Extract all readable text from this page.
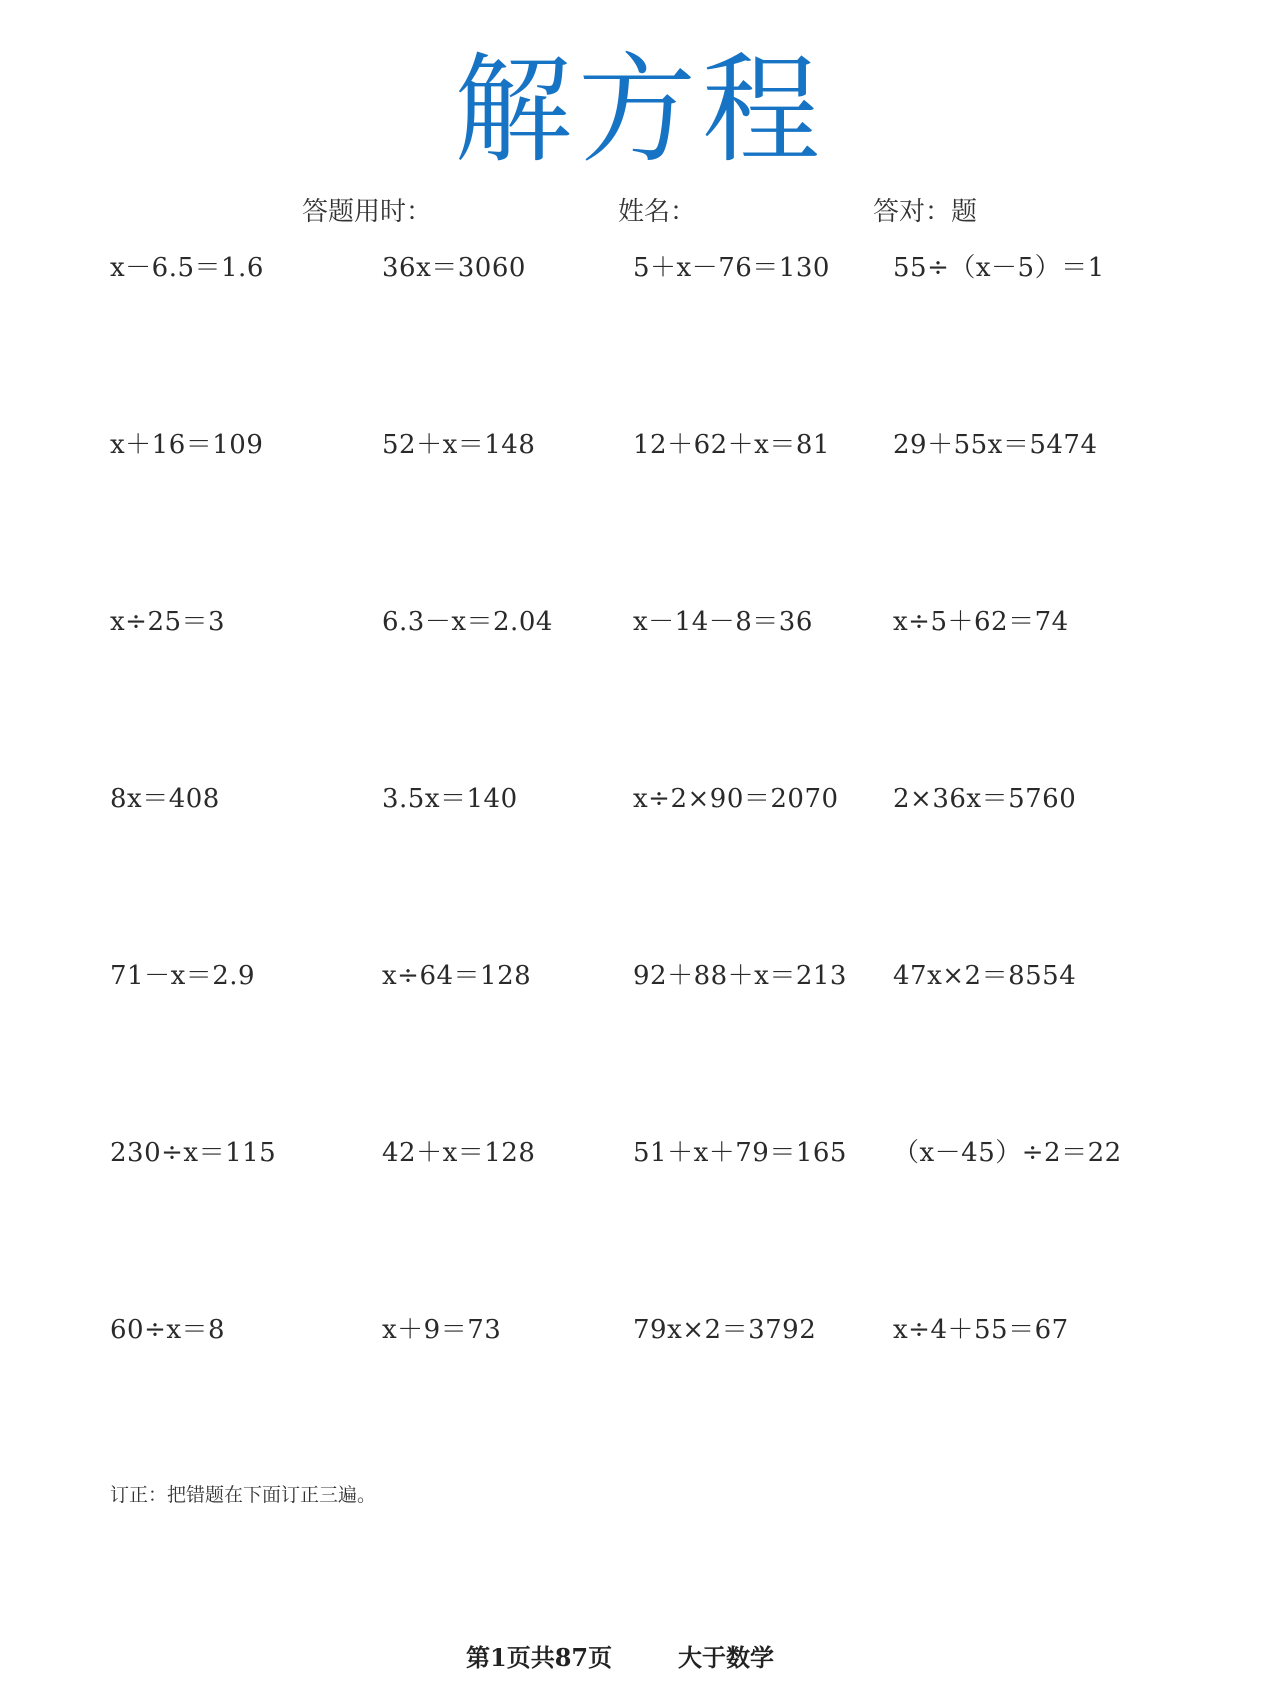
解方程
答题用时：	姓名：	答对：题
x－6.5＝1.6	36x＝3060	5＋x－76＝130 55÷（x－5）＝1
x＋16＝109	52＋x＝148	12＋62＋x＝81 29＋55x＝5474
x÷25＝3	6.3－x＝2.04	x－14－8＝36	x÷5＋62＝74
8x＝408	3.5x＝140	x÷2×90＝2070 2×36x＝5760
71－x＝2.9	x÷64＝128	92＋88＋x＝213 47x×2＝8554
230÷x＝115	42＋x＝128	51＋x＋79＝165 （x－45）÷2＝22
60÷x＝8	x＋9＝73	79x×2＝3792	x÷4＋55＝67
订正：把错题在下面订正三遍。
第1页共87页	大于数学
